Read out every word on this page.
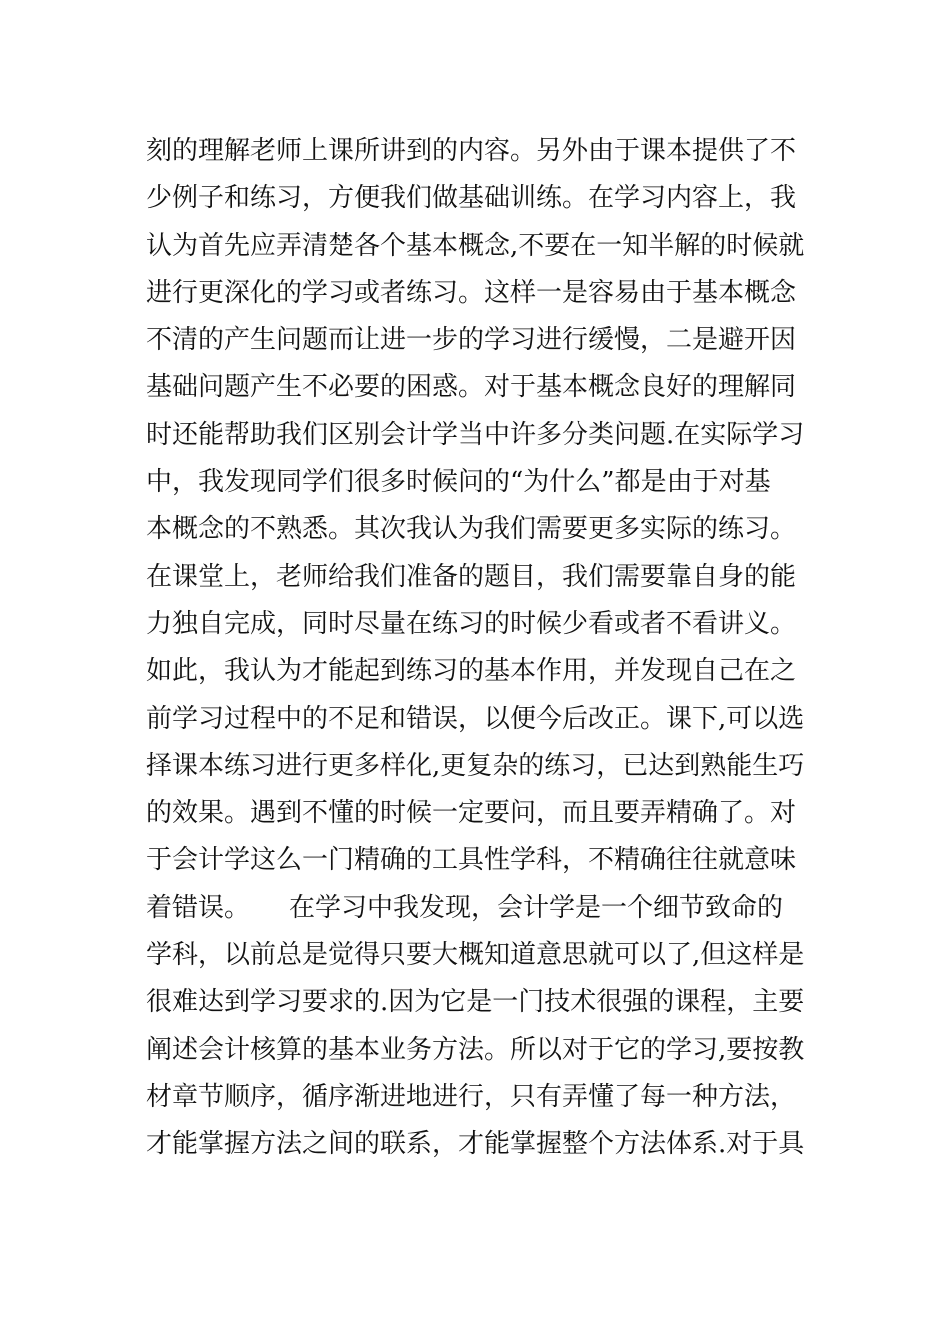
刻的理解老师上课所讲到的内容。另外由于课本提供了不
少例子和练习，方便我们做基础训练。在学习内容上，我
认为首先应弄清楚各个基本概念,不要在一知半解的时候就
进行更深化的学习或者练习。这样一是容易由于基本概念
不清的产生问题而让进一步的学习进行缓慢，二是避开因
基础问题产生不必要的困惑。对于基本概念良好的理解同
时还能帮助我们区别会计学当中许多分类问题.在实际学习
中，我发现同学们很多时候问的“为什么”都是由于对基
本概念的不熟悉。其次我认为我们需要更多实际的练习。
在课堂上，老师给我们准备的题目，我们需要靠自身的能
力独自完成，同时尽量在练习的时候少看或者不看讲义。
如此，我认为才能起到练习的基本作用，并发现自己在之
前学习过程中的不足和错误，以便今后改正。课下,可以选
择课本练习进行更多样化,更复杂的练习，已达到熟能生巧
的效果。遇到不懂的时候一定要问，而且要弄精确了。对
于会计学这么一门精确的工具性学科，不精确往往就意味
着错误。　　在学习中我发现，会计学是一个细节致命的
学科，以前总是觉得只要大概知道意思就可以了,但这样是
很难达到学习要求的.因为它是一门技术很强的课程，主要
阐述会计核算的基本业务方法。所以对于它的学习,要按教
材章节顺序，循序渐进地进行，只有弄懂了每一种方法，
才能掌握方法之间的联系，才能掌握整个方法体系.对于具
